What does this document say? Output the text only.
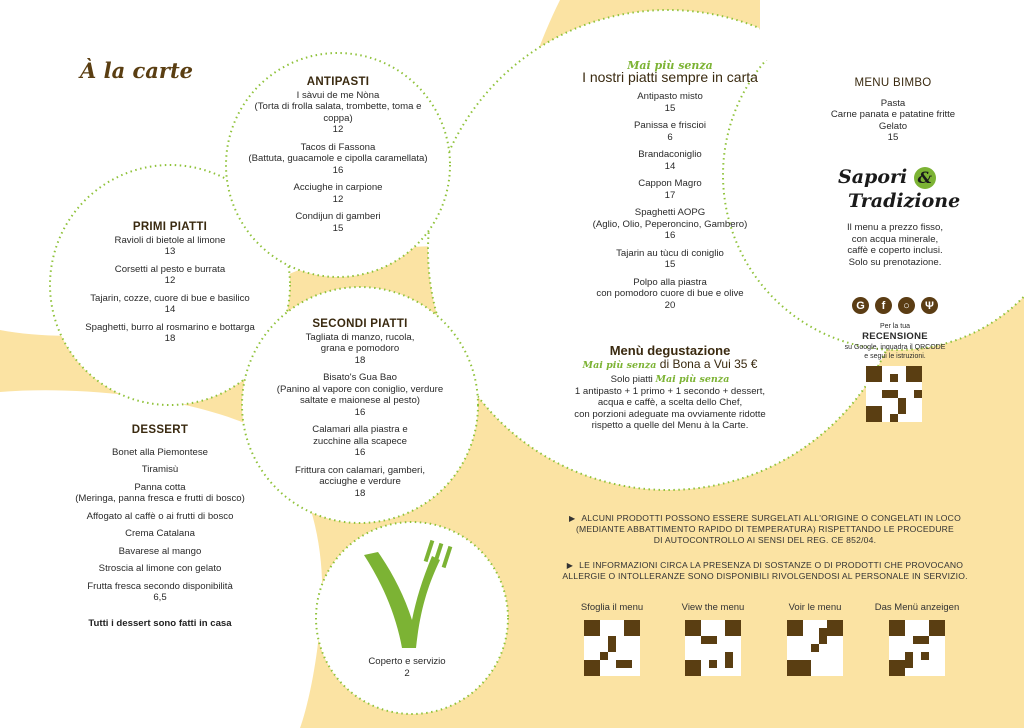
À la carte	ANTIPASTI
I sàvui de me Nòna
(Torta di frolla salata, trombette, toma e coppa)
12
Tacos di Fassona
(Battuta, guacamole e cipolla caramellata)
16
Acciughe in carpione
12
Condijun di gamberi
15
PRIMI PIATTI
Ravioli di bietole al limone
13
Corsetti al pesto e burrata
12
Tajarin, cozze, cuore di bue e basilico
14
Spaghetti, burro al rosmarino e bottarga
18
SECONDI PIATTI
Tagliata di manzo, rucola, grana e pomodoro
18
Bisato's Gua Bao
(Panino al vapore con coniglio, verdure saltate e maionese al pesto)
16
Calamari alla piastra e zucchine alla scapece
16
Frittura con calamari, gamberi, acciughe e verdure
18
DESSERT
Bonet alla Piemontese
Tiramisù
Panna cotta
(Meringa, panna fresca e frutti di bosco)
Affogato al caffè o ai frutti di bosco
Crema Catalana
Bavarese al mango
Stroscia al limone con gelato
Frutta fresca secondo disponibilità
6,5
Tutti i dessert sono fatti in casa
Coperto e servizio
2
Mai più senza
I nostri piatti sempre in carta
Antipasto misto
15
Panissa e friscioi
6
Brandaconiglio
14
Cappon Magro
17
Spaghetti AOPG
(Aglio, Olio, Peperoncino, Gambero)
16
Tajarin au tùcu di coniglio
15
Polpo alla piastra
con pomodoro cuore di bue e olive
20
Menù degustazione
Mai più senza di Bona a Vui 35 €
Solo piatti Mai più senza
1 antipasto + 1 primo + 1 secondo + dessert,
acqua e caffè, a scelta dello Chef,
con porzioni adeguate ma ovviamente ridotte
rispetto a quelle del Menu à la Carte.
MENU BIMBO
Pasta
Carne panata e patatine fritte
Gelato
15
Sapori &
Tradizione
Il menu a prezzo fisso,
con acqua minerale,
caffè e coperto inclusi.
Solo su prenotazione.
G	f	○	Ψ
Per la tua
RECENSIONE
su Google, inquadra il QRCODE
e segui le istruzioni.
▶ ALCUNI PRODOTTI POSSONO ESSERE SURGELATI ALL'ORIGINE O CONGELATI IN LOCO
(MEDIANTE ABBATTIMENTO RAPIDO DI TEMPERATURA) RISPETTANDO LE PROCEDURE
DI AUTOCONTROLLO AI SENSI DEL REG. CE 852/04.
▶ LE INFORMAZIONI CIRCA LA PRESENZA DI SOSTANZE O DI PRODOTTI CHE PROVOCANO
ALLERGIE O INTOLLERANZE SONO DISPONIBILI RIVOLGENDOSI AL PERSONALE IN SERVIZIO.
Sfoglia il menu	View the menu	Voir le menu	Das Menü anzeigen
